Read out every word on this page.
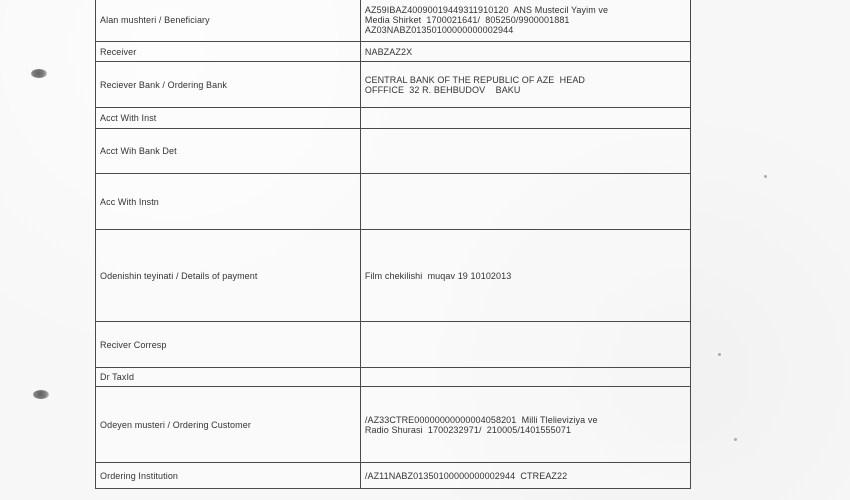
Alan mushteri / Beneficiary	AZ59IBAZ40090019449311910120  ANS Mustecil Yayim ve
Media Shirket  1700021641/  805250/9900001881
AZ03NABZ01350100000000002944

Receiver	NABZAZ2X

Reciever Bank / Ordering Bank	CENTRAL BANK OF THE REPUBLIC OF AZE  HEAD
OFFFICE  32 R. BEHBUDOV    BAKU

Acct With Inst	
Acct Wih Bank Det	
Acc With Instn	
Odenishin teyinati / Details of payment	Film chekilishi  muqav 19 10102013

Reciver Corresp	
Dr TaxId	
Odeyen musteri / Ordering Customer	/AZ33CTRE00000000000004058201  Milli Tlelieviziya ve
Radio Shurasi  1700232971/  210005/1401555071

Ordering Institution	/AZ11NABZ01350100000000002944  CTREAZ22
